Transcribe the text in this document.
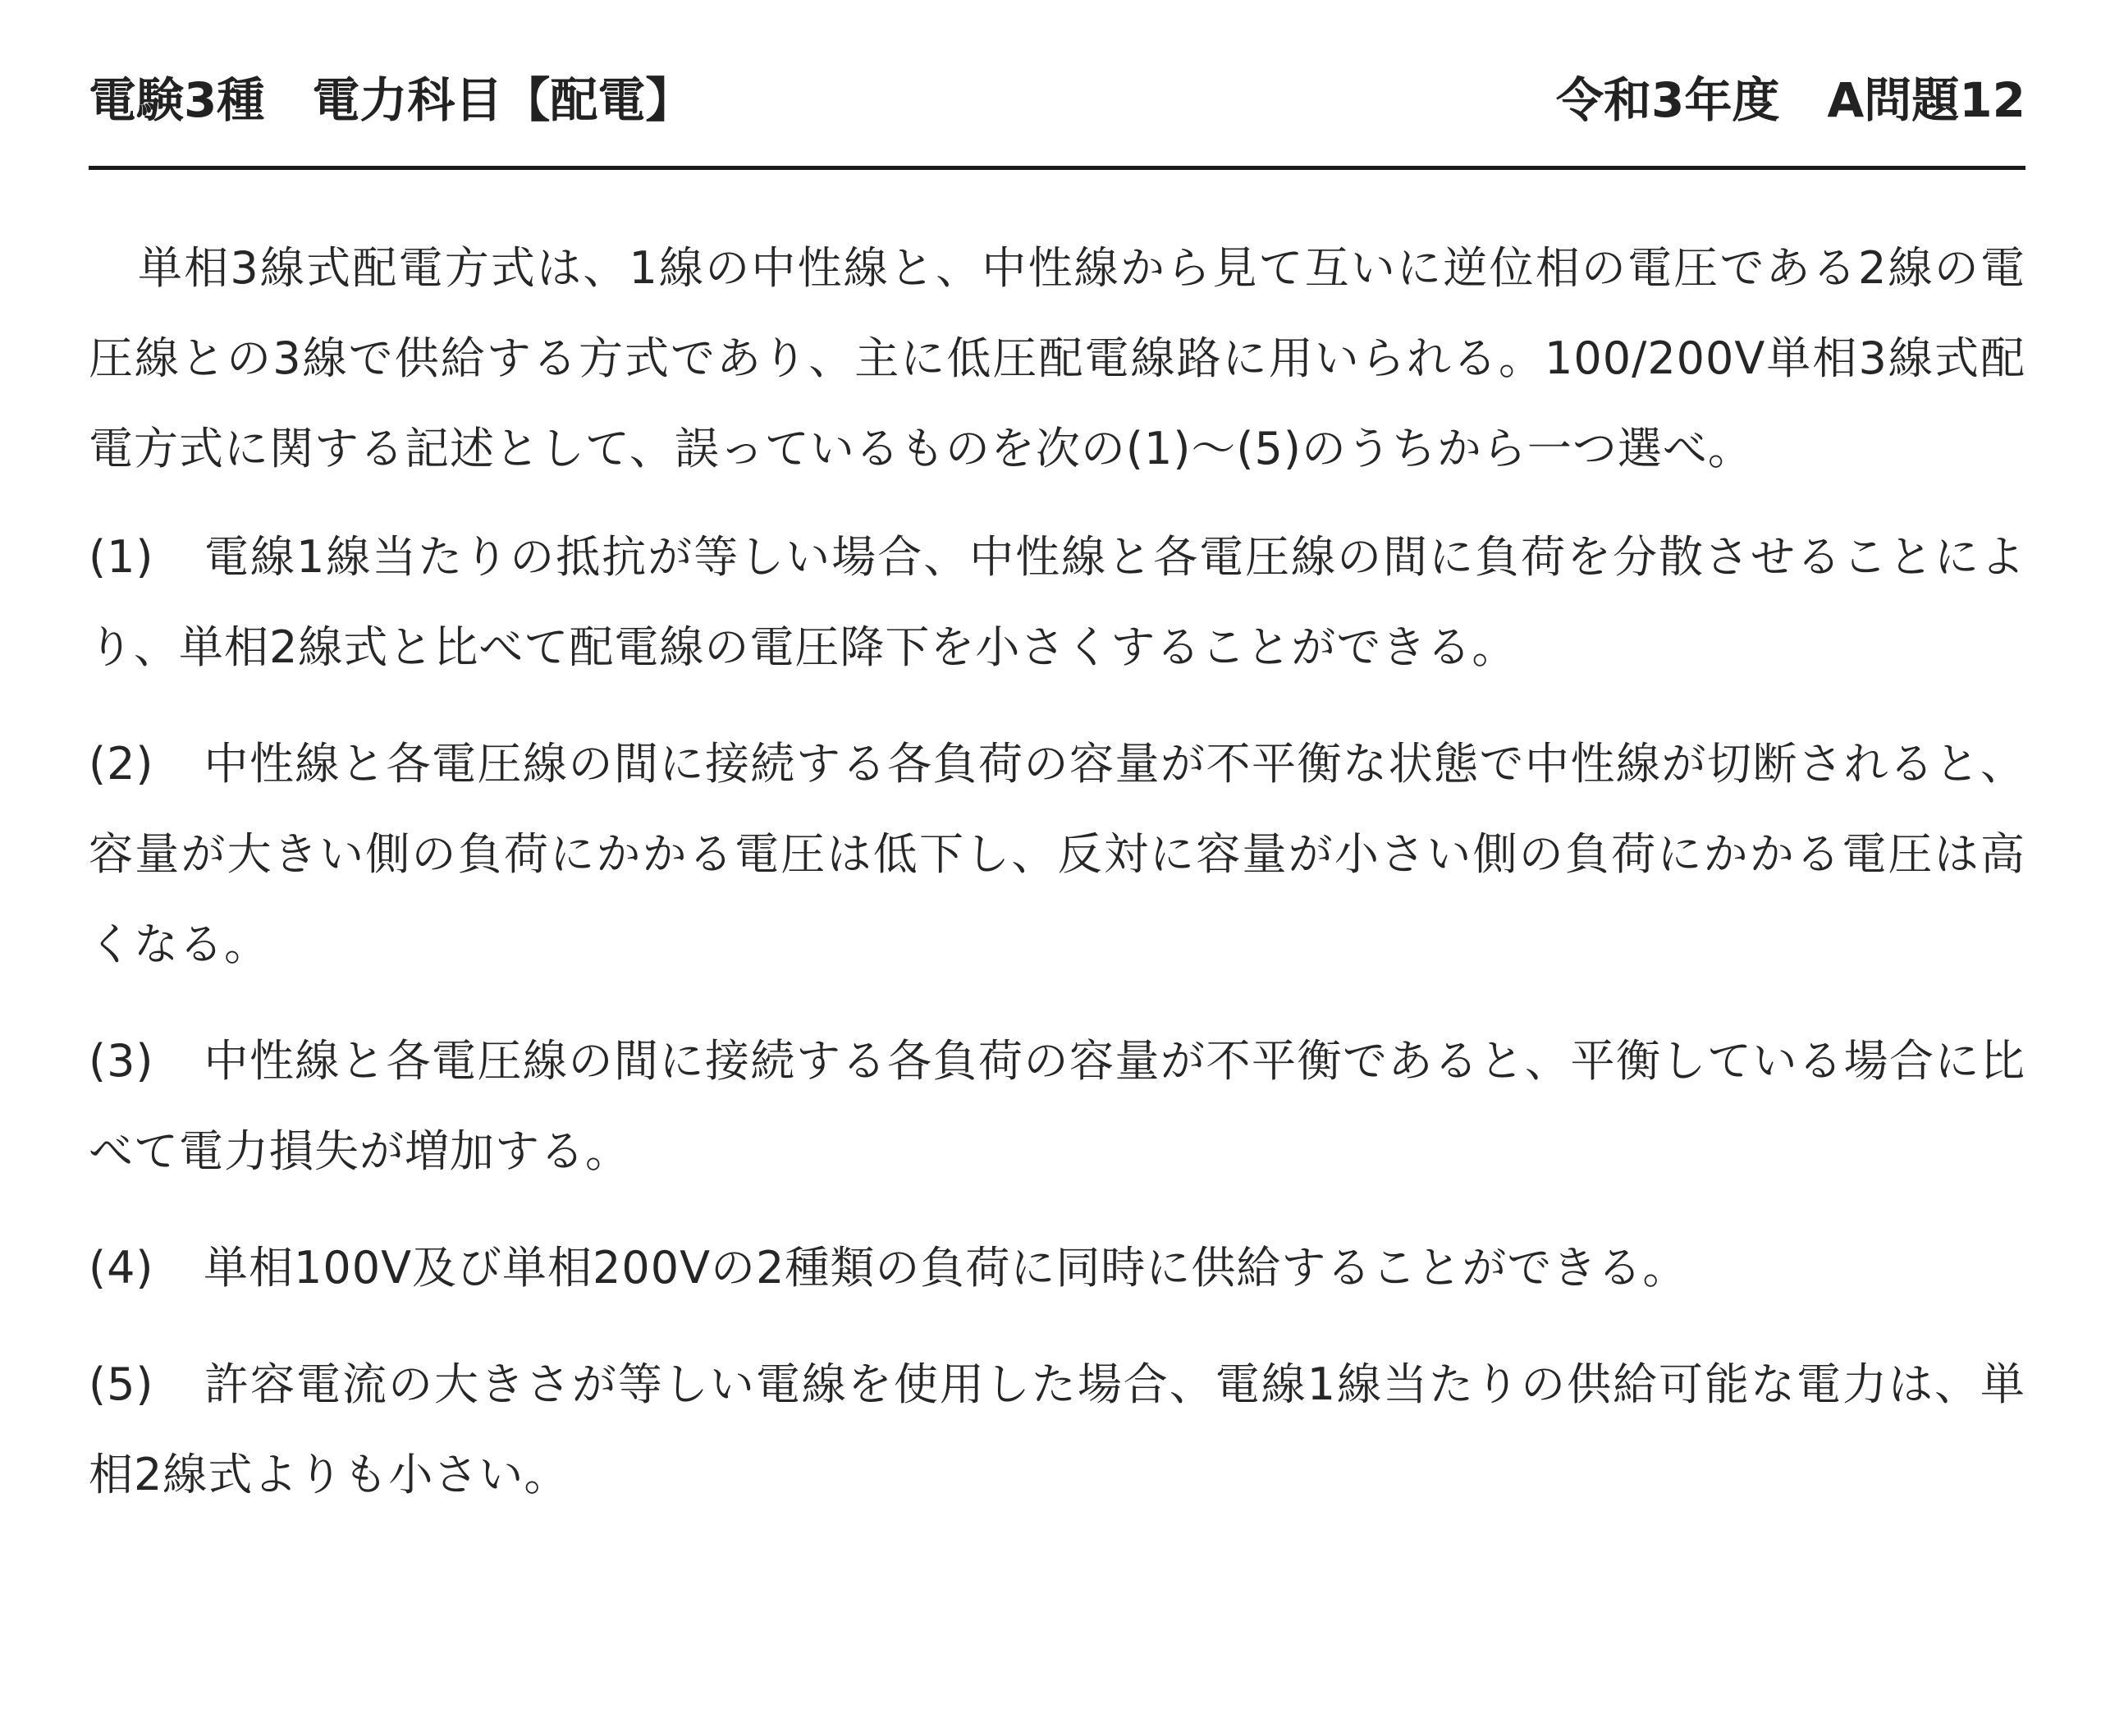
電験3種　電力科目【配電】	令和3年度　A問題12

単相3線式配電方式は、1線の中性線と、中性線から見て互いに逆位相の電圧である2線の電圧線との3線で供給する方式であり、主に低圧配電線路に用いられる。100/200V単相3線式配電方式に関する記述として、誤っているものを次の(1)～(5)のうちから一つ選べ。

(1) 電線1線当たりの抵抗が等しい場合、中性線と各電圧線の間に負荷を分散させることにより、単相2線式と比べて配電線の電圧降下を小さくすることができる。

(2) 中性線と各電圧線の間に接続する各負荷の容量が不平衡な状態で中性線が切断されると、容量が大きい側の負荷にかかる電圧は低下し、反対に容量が小さい側の負荷にかかる電圧は高くなる。

(3) 中性線と各電圧線の間に接続する各負荷の容量が不平衡であると、平衡している場合に比べて電力損失が増加する。

(4) 単相100V及び単相200Vの2種類の負荷に同時に供給することができる。

(5) 許容電流の大きさが等しい電線を使用した場合、電線1線当たりの供給可能な電力は、単相2線式よりも小さい。
